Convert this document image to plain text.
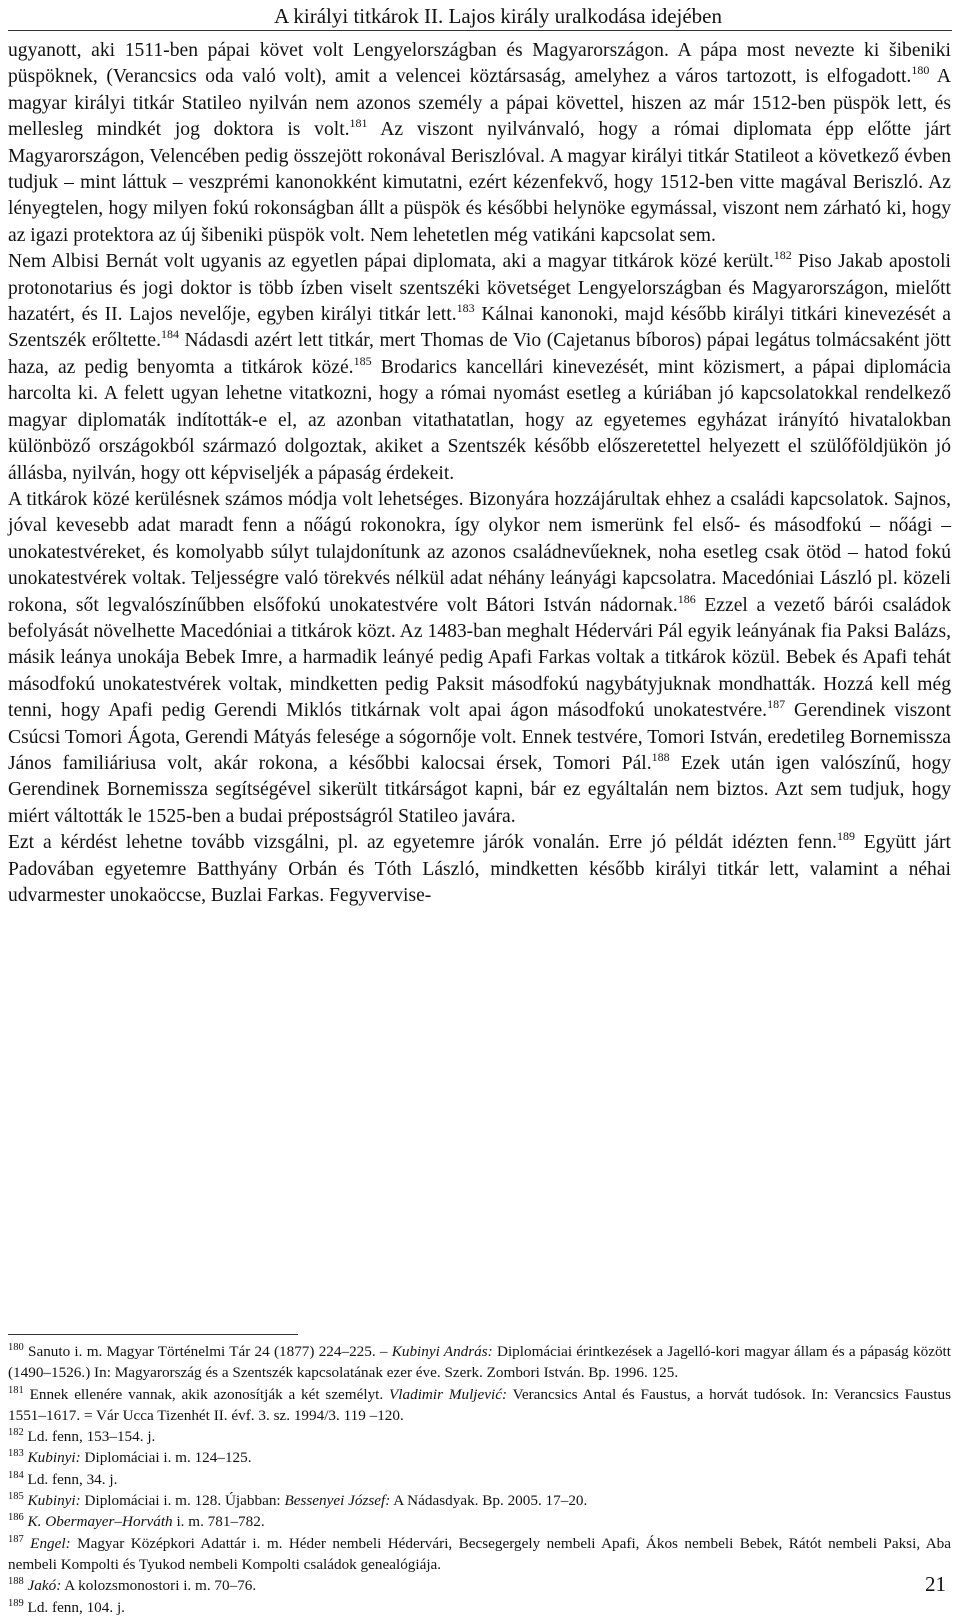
A királyi titkárok II. Lajos király uralkodása idejében

ugyanott, aki 1511-ben pápai követ volt Lengyelországban és Magyarországon. A pápa most nevezte ki šibeniki püspöknek, (Verancsics oda való volt), amit a velencei köztársaság, amelyhez a város tartozott, is elfogadott.$^{180}$ A magyar királyi titkár Statileo nyilván nem azonos személy a pápai követtel, hiszen az már 1512-ben püspök lett, és mellesleg mindkét jog doktora is volt.$^{181}$ Az viszont nyilvánvaló, hogy a római diplomata épp előtte járt Magyarországon, Velencében pedig összejött rokonával Beriszlóval. A magyar királyi titkár Statileot a következő évben tudjuk – mint láttuk – veszprémi kanonokként kimutatni, ezért kézenfekvő, hogy 1512-ben vitte magával Beriszló. Az lényegtelen, hogy milyen fokú rokonságban állt a püspök és későbbi helynöke egymással, viszont nem zárható ki, hogy az igazi protektora az új šibeniki püspök volt. Nem lehetetlen még vatikáni kapcsolat sem.

Nem Albisi Bernát volt ugyanis az egyetlen pápai diplomata, aki a magyar titkárok közé került.$^{182}$ Piso Jakab apostoli protonotarius és jogi doktor is több ízben viselt szentszéki követséget Lengyelországban és Magyarországon, mielőtt hazatért, és II. Lajos nevelője, egyben királyi titkár lett.$^{183}$ Kálnai kanonoki, majd később királyi titkári kinevezését a Szentszék erőltette.$^{184}$ Nádasdi azért lett titkár, mert Thomas de Vio (Cajetanus bíboros) pápai legátus tolmácsaként jött haza, az pedig benyomta a titkárok közé.$^{185}$ Brodarics kancellári kinevezését, mint közismert, a pápai diplomácia harcolta ki. A felett ugyan lehetne vitatkozni, hogy a római nyomást esetleg a kúriában jó kapcsolatokkal rendelkező magyar diplomaták indították-e el, az azonban vitathatatlan, hogy az egyetemes egyházat irányító hivatalokban különböző országokból származó dolgoztak, akiket a Szentszék később előszeretettel helyezett el szülőföldjükön jó állásba, nyilván, hogy ott képviseljék a pápaság érdekeit.

A titkárok közé kerülésnek számos módja volt lehetséges. Bizonyára hozzájárultak ehhez a családi kapcsolatok. Sajnos, jóval kevesebb adat maradt fenn a nőágú rokonokra, így olykor nem ismerünk fel első- és másodfokú – nőági – unokatestvéreket, és komolyabb súlyt tulajdonítunk az azonos családnevűeknek, noha esetleg csak ötöd – hatod fokú unokatestvérek voltak. Teljességre való törekvés nélkül adat néhány leányági kapcsolatra. Macedóniai László pl. közeli rokona, sőt legvalószínűbben elsőfokú unokatestvére volt Bátori István nádornak.$^{186}$ Ezzel a vezető bárói családok befolyását növelhette Macedóniai a titkárok közt. Az 1483-ban meghalt Hédervári Pál egyik leányának fia Paksi Balázs, másik leánya unokája Bebek Imre, a harmadik leányé pedig Apafi Farkas voltak a titkárok közül. Bebek és Apafi tehát másodfokú unokatestvérek voltak, mindketten pedig Paksit másodfokú nagybátyjuknak mondhatták. Hozzá kell még tenni, hogy Apafi pedig Gerendi Miklós titkárnak volt apai ágon másodfokú unokatestvére.$^{187}$ Gerendinek viszont Csúcsi Tomori Ágota, Gerendi Mátyás felesége a sógornője volt. Ennek testvére, Tomori István, eredetileg Bornemissza János familiáriusa volt, akár rokona, a későbbi kalocsai érsek, Tomori Pál.$^{188}$ Ezek után igen valószínű, hogy Gerendinek Bornemissza segítségével sikerült titkárságot kapni, bár ez egyáltalán nem biztos. Azt sem tudjuk, hogy miért váltották le 1525-ben a budai prépostságról Statileo javára.

Ezt a kérdést lehetne tovább vizsgálni, pl. az egyetemre járók vonalán. Erre jó példát idézten fenn.$^{189}$ Együtt járt Padovában egyetemre Batthyány Orbán és Tóth László, mindketten később királyi titkár lett, valamint a néhai udvarmester unokaöccse, Buzlai Farkas. Fegyvervise-

$^{180}$ Sanuto i. m. Magyar Történelmi Tár 24 (1877) 224–225. – Kubinyi András: Diplomáciai érintkezések a Jagelló-kori magyar állam és a pápaság között (1490–1526.) In: Magyarország és a Szentszék kapcsolatának ezer éve. Szerk. Zombori István. Bp. 1996. 125.

$^{181}$ Ennek ellenére vannak, akik azonosítják a két személyt. Vladimir Muljević: Verancsics Antal és Faustus, a horvát tudósok. In: Verancsics Faustus 1551–1617. = Vár Ucca Tizenhét II. évf. 3. sz. 1994/3. 119 –120.

$^{182}$ Ld. fenn, 153–154. j.

$^{183}$ Kubinyi: Diplomáciai i. m. 124–125.

$^{184}$ Ld. fenn, 34. j.

$^{185}$ Kubinyi: Diplomáciai i. m. 128. Újabban: Bessenyei József: A Nádasdyak. Bp. 2005. 17–20.

$^{186}$ K. Obermayer–Horváth i. m. 781–782.

$^{187}$ Engel: Magyar Középkori Adattár i. m. Héder nembeli Hédervári, Becsegergely nembeli Apafi, Ákos nembeli Bebek, Rátót nembeli Paksi, Aba nembeli Kompolti és Tyukod nembeli Kompolti családok genealógiája.

$^{188}$ Jakó: A kolozsmonostori i. m. 70–76.

$^{189}$ Ld. fenn, 104. j.

21
